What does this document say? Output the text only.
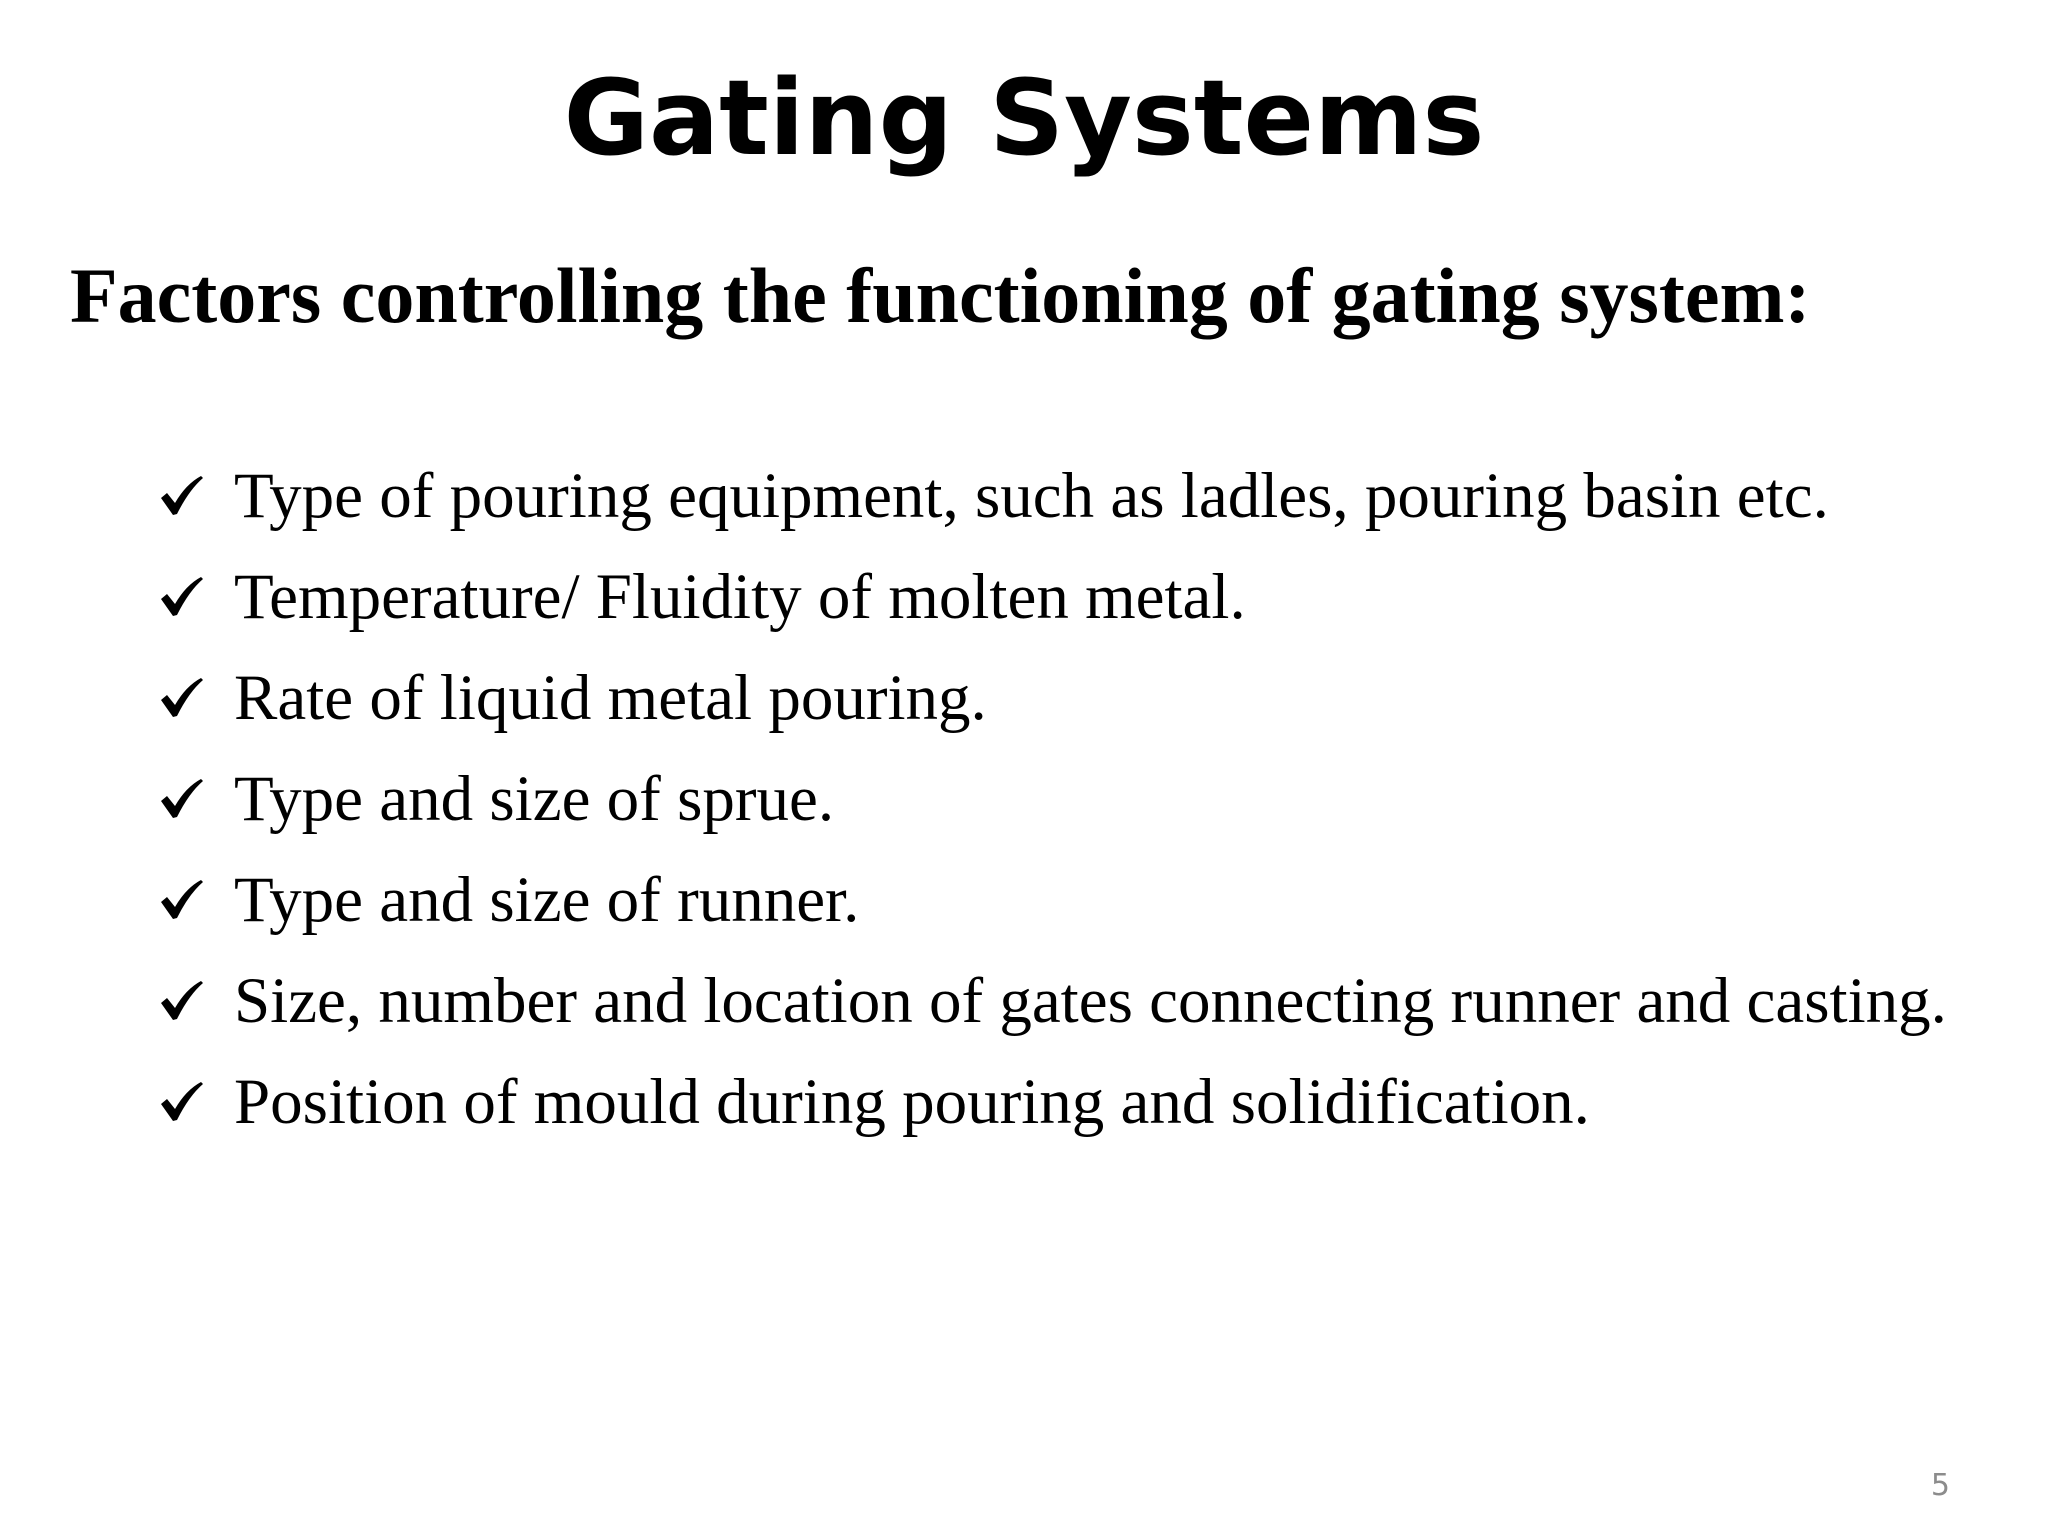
Gating Systems
Factors controlling the functioning of gating system:
Type of pouring equipment, such as ladles, pouring basin etc.
Temperature/ Fluidity of molten metal.
Rate of liquid metal pouring.
Type and size of sprue.
Type and size of runner.
Size, number and location of gates connecting runner and casting.
Position of mould during pouring and solidification.
5
